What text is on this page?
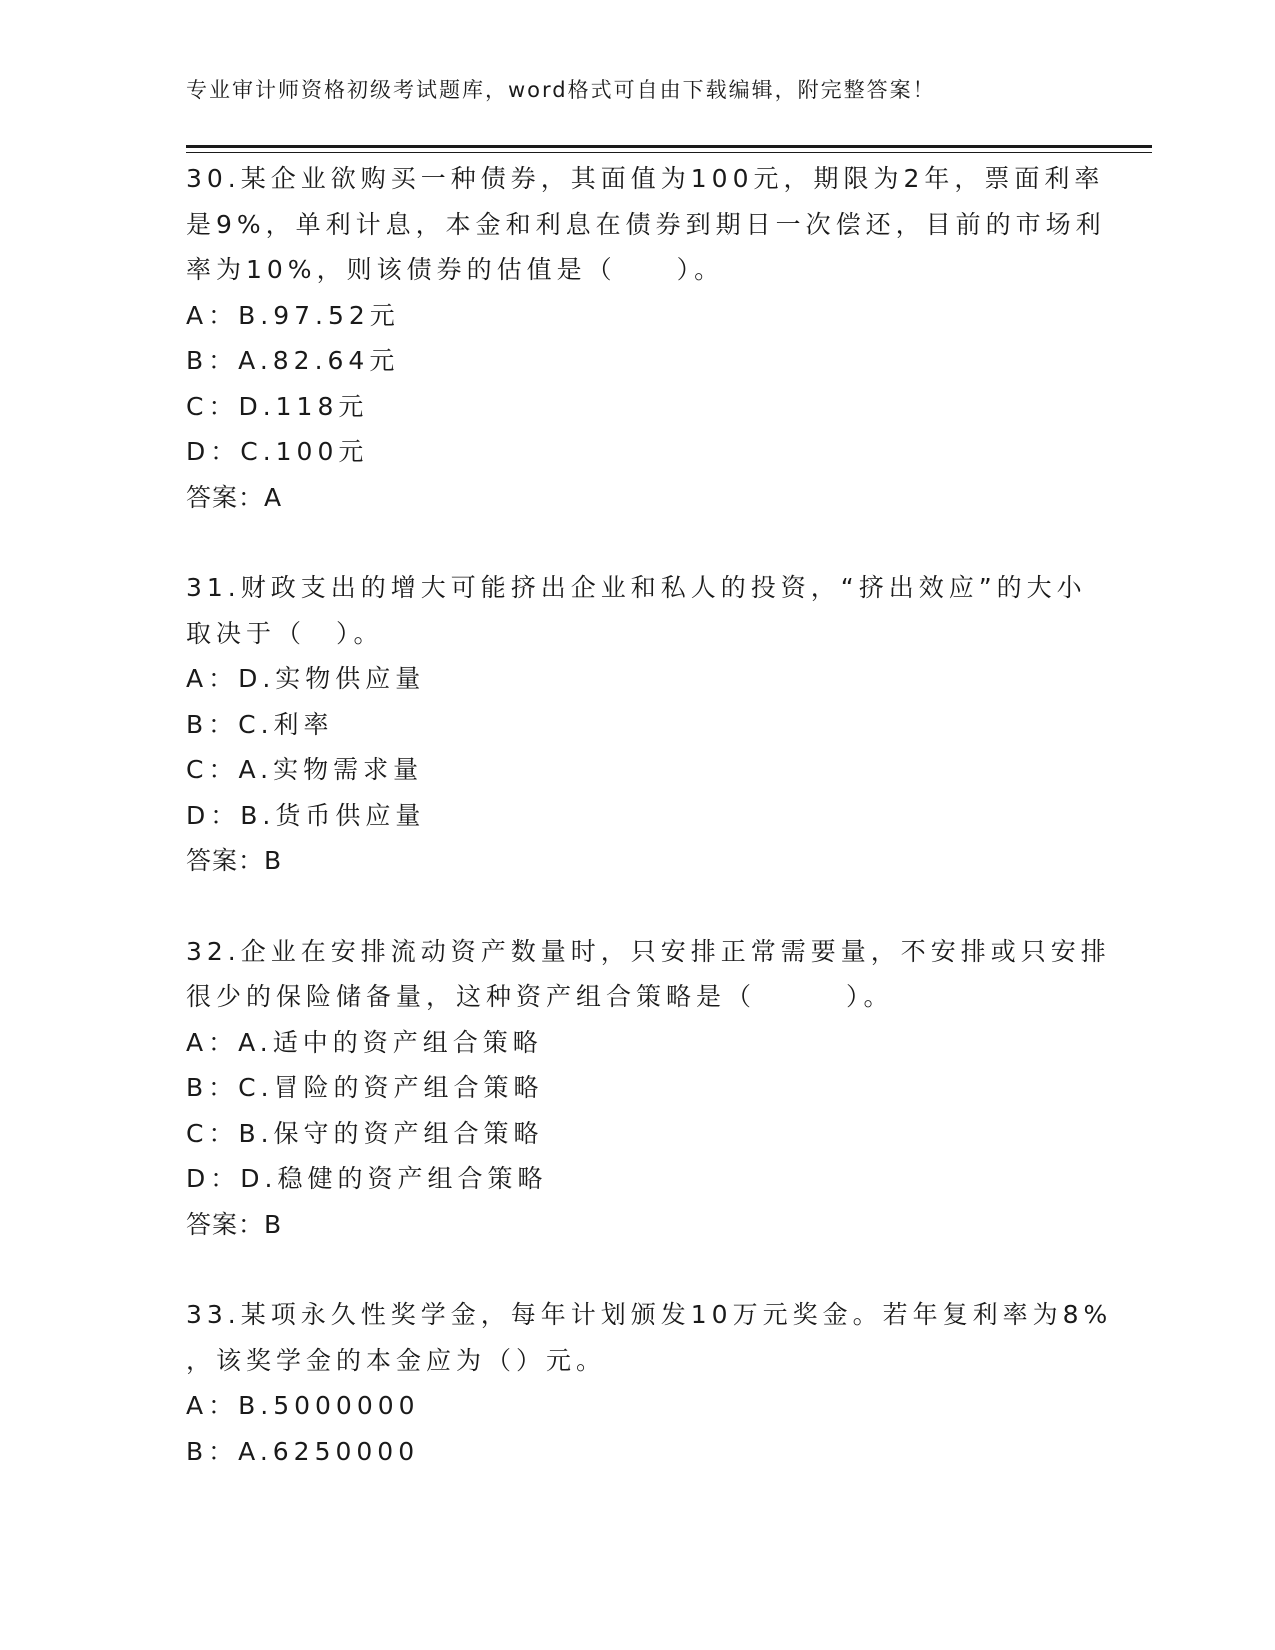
专业审计师资格初级考试题库，word格式可自由下载编辑，附完整答案！
30.某企业欲购买一种债券，其面值为100元，期限为2年，票面利率
是9%，单利计息，本金和利息在债券到期日一次偿还，目前的市场利
率为10%，则该债券的估值是（　　）。
A：B.97.52元
B：A.82.64元
C：D.118元
D：C.100元
答案：A
31.财政支出的增大可能挤出企业和私人的投资，“挤出效应”的大小
取决于（　）。
A：D.实物供应量
B：C.利率
C：A.实物需求量
D：B.货币供应量
答案：B
32.企业在安排流动资产数量时，只安排正常需要量，不安排或只安排
很少的保险储备量，这种资产组合策略是（　　　）。
A：A.适中的资产组合策略
B：C.冒险的资产组合策略
C：B.保守的资产组合策略
D：D.稳健的资产组合策略
答案：B
33.某项永久性奖学金，每年计划颁发10万元奖金。若年复利率为8%
，该奖学金的本金应为（）元。
A：B.5000000
B：A.6250000
